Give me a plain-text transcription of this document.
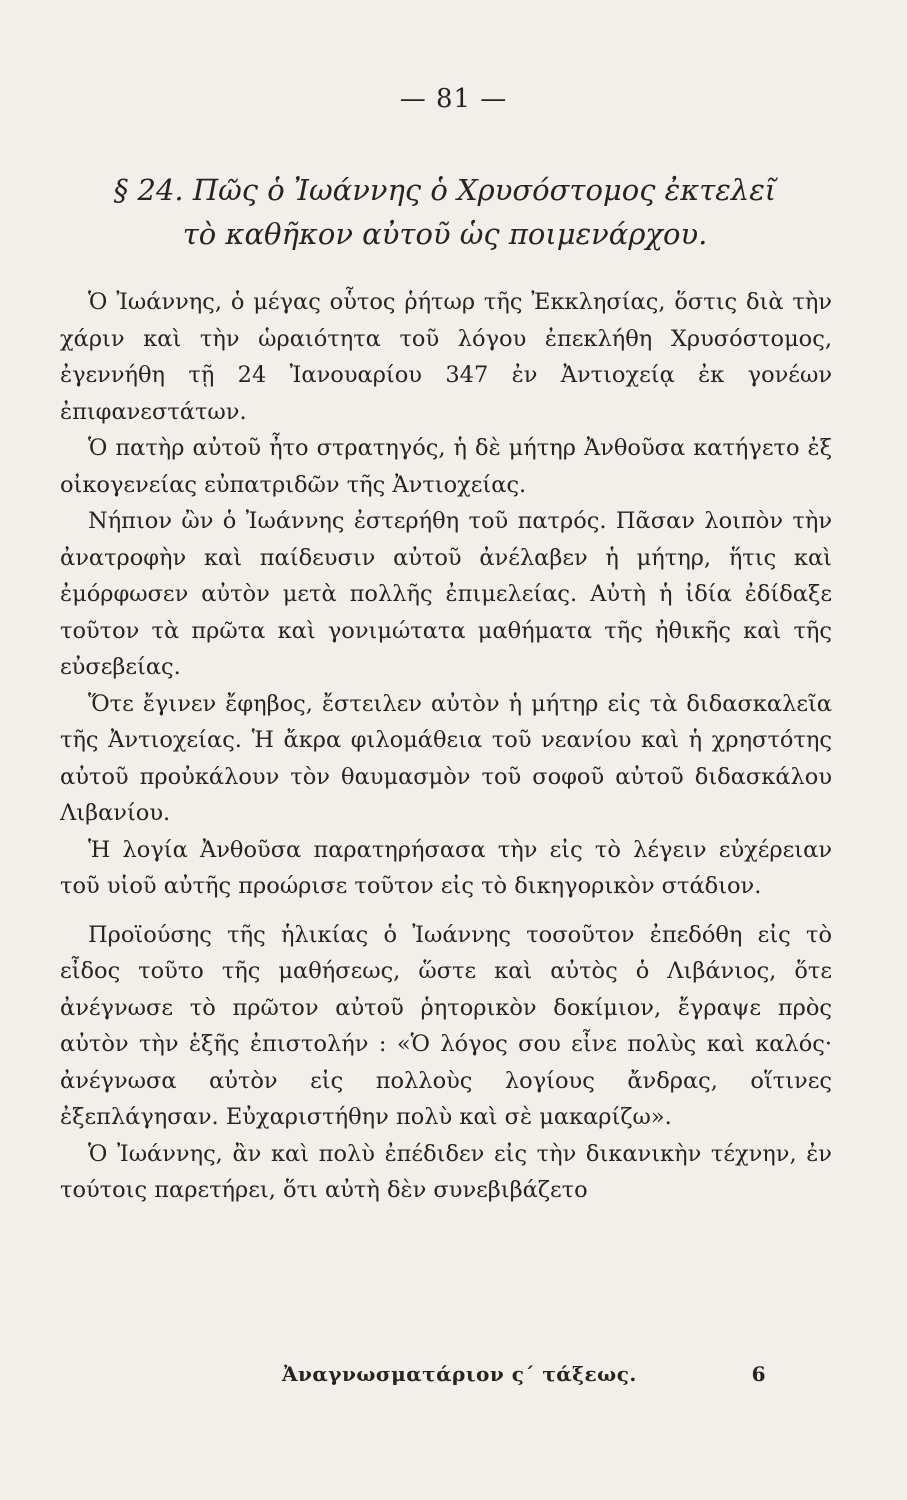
— 81 —
§ 24. Πῶς ὁ Ἰωάννης ὁ Χρυσόστομος ἐκτελεῖ
τὸ καθῆκον αὐτοῦ ὡς ποιμενάρχου.

Ὁ Ἰωάννης, ὁ μέγας οὗτος ῥήτωρ τῆς Ἐκκλησίας, ὅστις διὰ τὴν χάριν καὶ τὴν ὡραιότητα τοῦ λόγου ἐπεκλήθη Χρυσόστομος, ἐγεννήθη τῇ 24 Ἰανουαρίου 347 ἐν Ἀντιοχείᾳ ἐκ γονέων ἐπιφανεστάτων.

Ὁ πατὴρ αὐτοῦ ἦτο στρατηγός, ἡ δὲ μήτηρ Ἀνθοῦσα κατήγετο ἐξ οἰκογενείας εὐπατριδῶν τῆς Ἀντιοχείας.

Νήπιον ὢν ὁ Ἰωάννης ἐστερήθη τοῦ πατρός. Πᾶσαν λοιπὸν τὴν ἀνατροφὴν καὶ παίδευσιν αὐτοῦ ἀνέλαβεν ἡ μήτηρ, ἥτις καὶ ἐμόρφωσεν αὐτὸν μετὰ πολλῆς ἐπιμελείας. Αὐτὴ ἡ ἰδία ἐδίδαξε τοῦτον τὰ πρῶτα καὶ γονιμώτατα μαθήματα τῆς ἠθικῆς καὶ τῆς εὐσεβείας.

Ὅτε ἔγινεν ἔφηβος, ἔστειλεν αὐτὸν ἡ μήτηρ εἰς τὰ διδασκαλεῖα τῆς Ἀντιοχείας. Ἡ ἄκρα φιλομάθεια τοῦ νεανίου καὶ ἡ χρηστότης αὐτοῦ προὐκάλουν τὸν θαυμασμὸν τοῦ σοφοῦ αὐτοῦ διδασκάλου Λιβανίου.

Ἡ λογία Ἀνθοῦσα παρατηρήσασα τὴν εἰς τὸ λέγειν εὐχέρειαν τοῦ υἱοῦ αὐτῆς προώρισε τοῦτον εἰς τὸ δικηγορικὸν στάδιον.

Προϊούσης τῆς ἡλικίας ὁ Ἰωάννης τοσοῦτον ἐπεδόθη εἰς τὸ εἶδος τοῦτο τῆς μαθήσεως, ὥστε καὶ αὐτὸς ὁ Λιβάνιος, ὅτε ἀνέγνωσε τὸ πρῶτον αὐτοῦ ῥητορικὸν δοκίμιον, ἔγραψε πρὸς αὐτὸν τὴν ἑξῆς ἐπιστολήν : «Ὁ λόγος σου εἶνε πολὺς καὶ καλός· ἀνέγνωσα αὐτὸν εἰς πολλοὺς λογίους ἄνδρας, οἵτινες ἐξεπλάγησαν. Εὐχαριστήθην πολὺ καὶ σὲ μακαρίζω».

Ὁ Ἰωάννης, ἂν καὶ πολὺ ἐπέδιδεν εἰς τὴν δικανικὴν τέχνην, ἐν τούτοις παρετήρει, ὅτι αὐτὴ δὲν συνεβιβάζετο

Ἀναγνωσματάριον ς΄ τάξεως.	6
